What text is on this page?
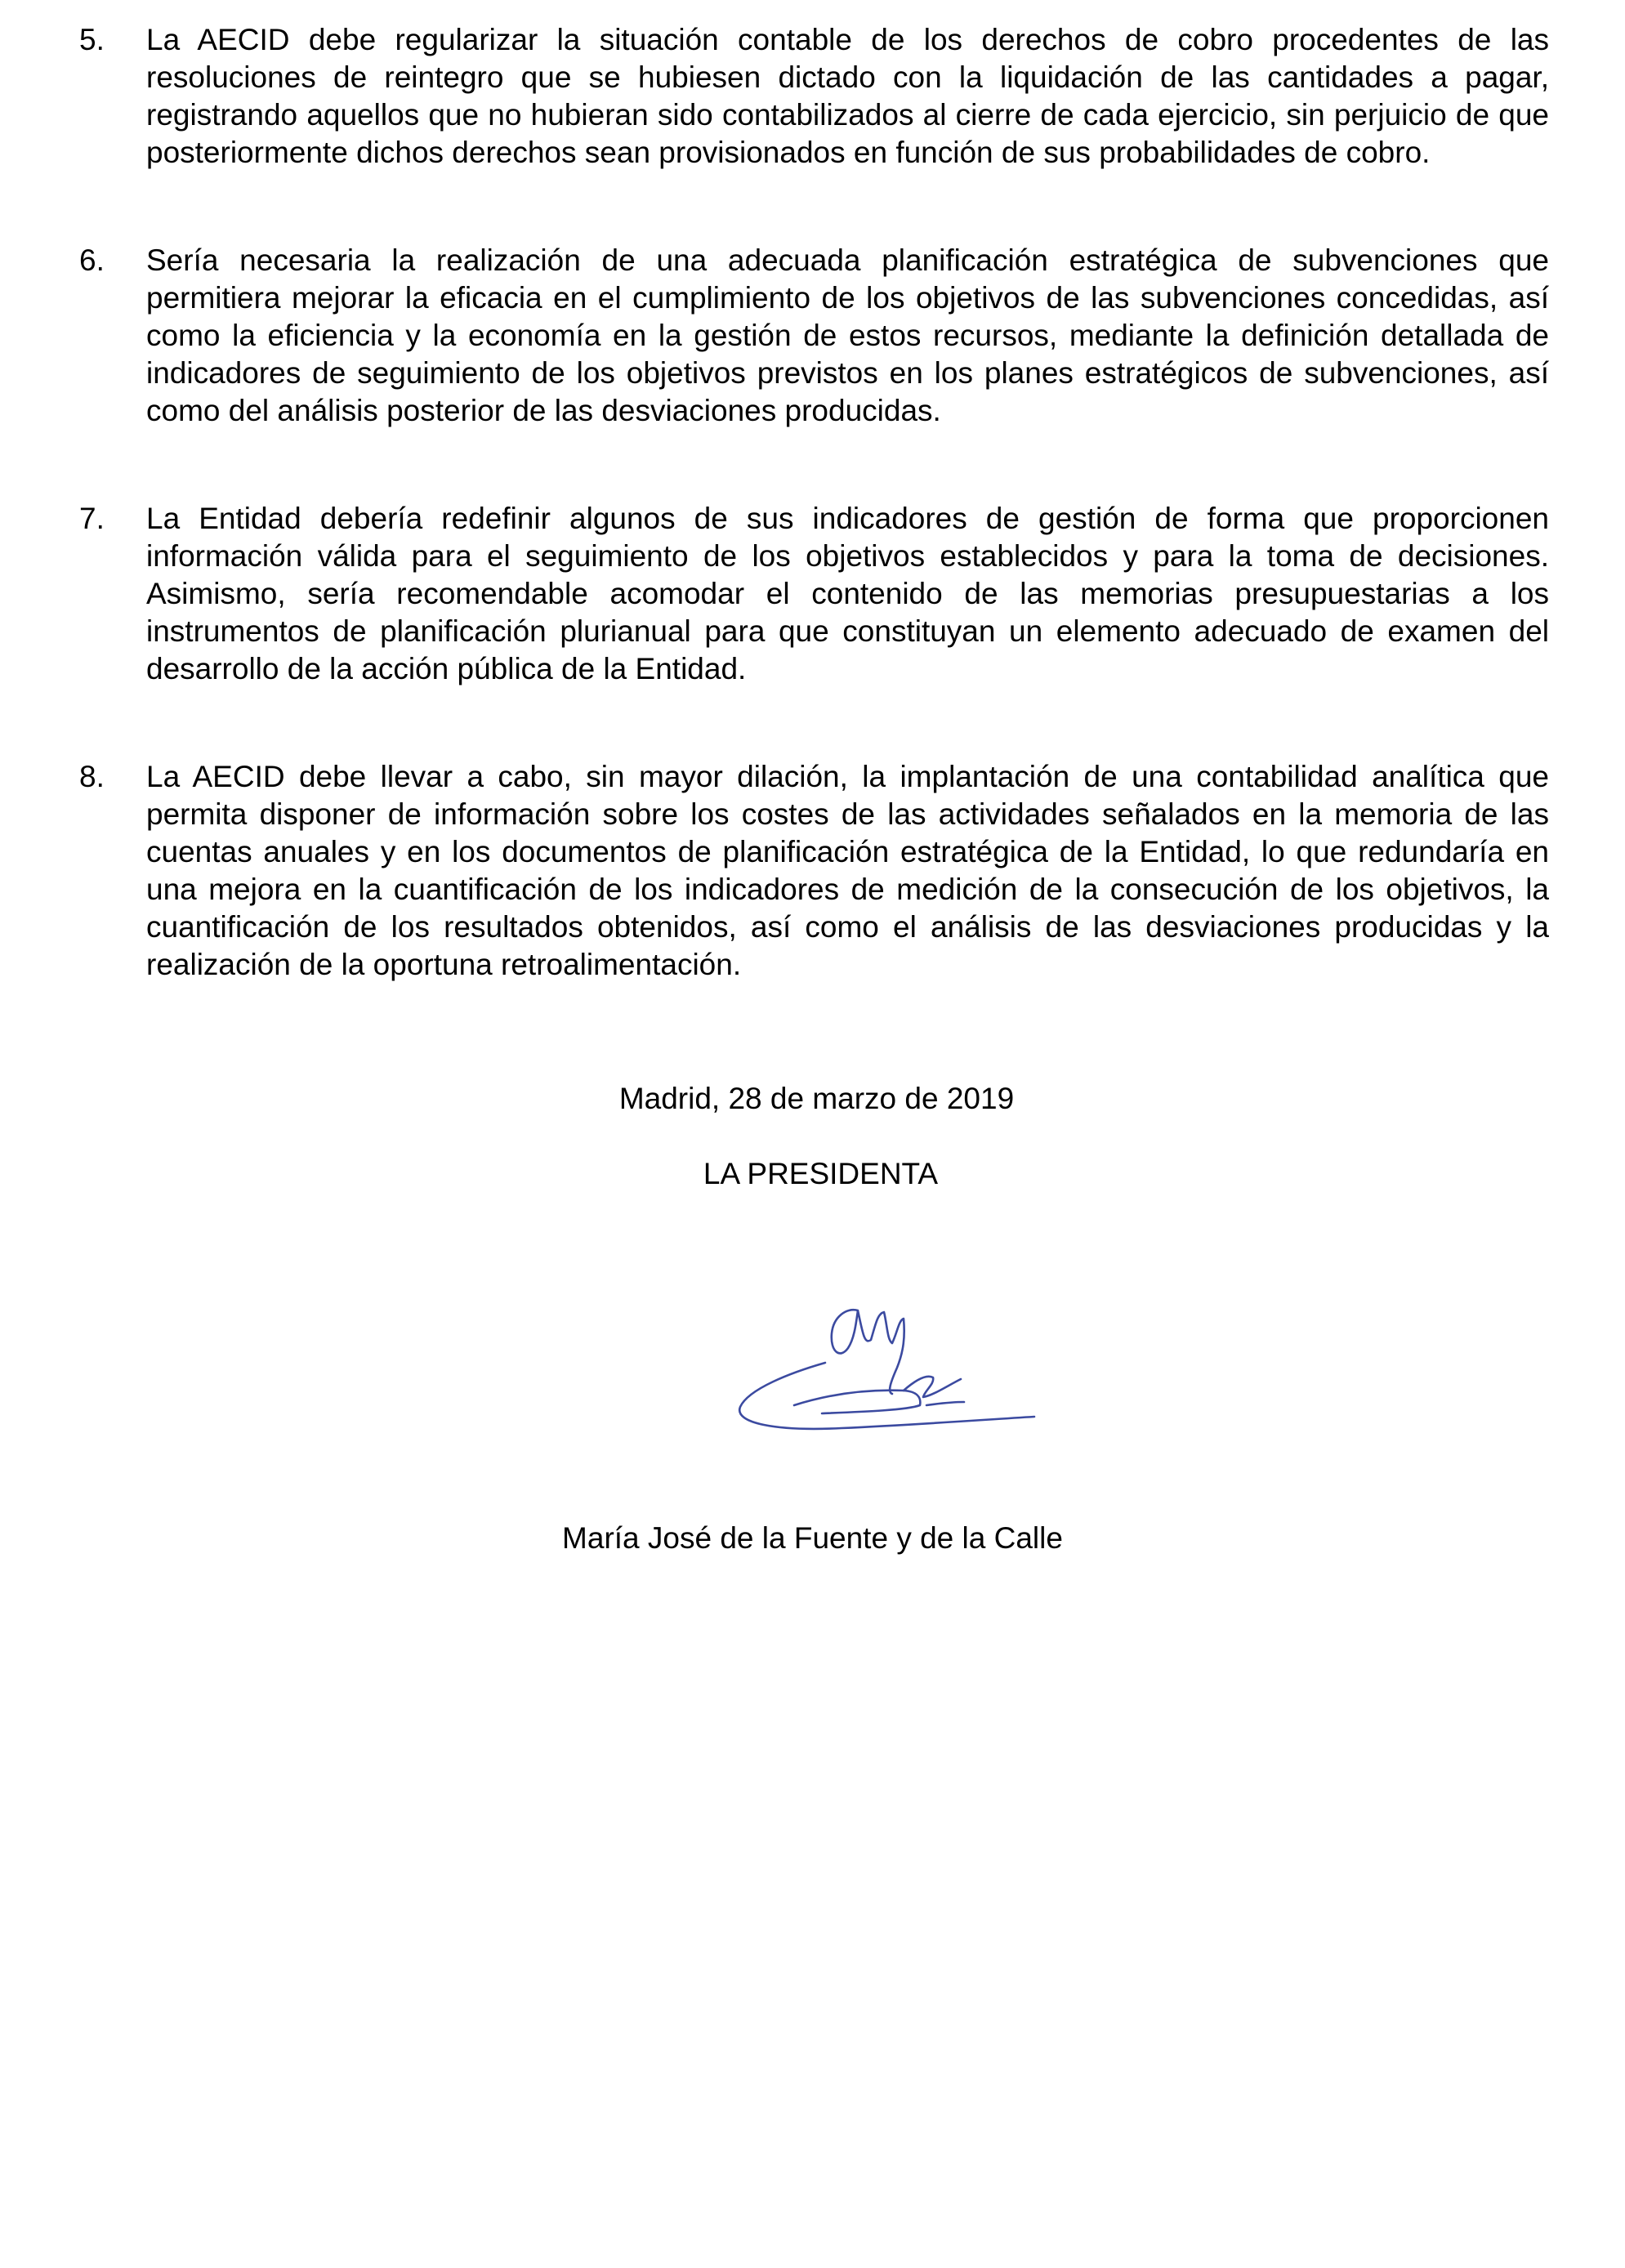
5.	La AECID debe regularizar la situación contable de los derechos de cobro procedentes de las resoluciones de reintegro que se hubiesen dictado con la liquidación de las cantidades a pagar, registrando aquellos que no hubieran sido contabilizados al cierre de cada ejercicio, sin perjuicio de que posteriormente dichos derechos sean provisionados en función de sus probabilidades de cobro.
6.	Sería necesaria la realización de una adecuada planificación estratégica de subvenciones que permitiera mejorar la eficacia en el cumplimiento de los objetivos de las subvenciones concedidas, así como la eficiencia y la economía en la gestión de estos recursos, mediante la definición detallada de indicadores de seguimiento de los objetivos previstos en los planes estratégicos de subvenciones, así como del análisis posterior de las desviaciones producidas.
7.	La Entidad debería redefinir algunos de sus indicadores de gestión de forma que proporcionen información válida para el seguimiento de los objetivos establecidos y para la toma de decisiones. Asimismo, sería recomendable acomodar el contenido de las memorias presupuestarias a los instrumentos de planificación plurianual para que constituyan un elemento adecuado de examen del desarrollo de la acción pública de la Entidad.
8.	La AECID debe llevar a cabo, sin mayor dilación, la implantación de una contabilidad analítica que permita disponer de información sobre los costes de las actividades señalados en la memoria de las cuentas anuales y en los documentos de planificación estratégica de la Entidad, lo que redundaría en una mejora en la cuantificación de los indicadores de medición de la consecución de los objetivos, la cuantificación de los resultados obtenidos, así como el análisis de las desviaciones producidas y la realización de la oportuna retroalimentación.
Madrid, 28 de marzo de 2019
LA PRESIDENTA
María José de la Fuente y de la Calle
